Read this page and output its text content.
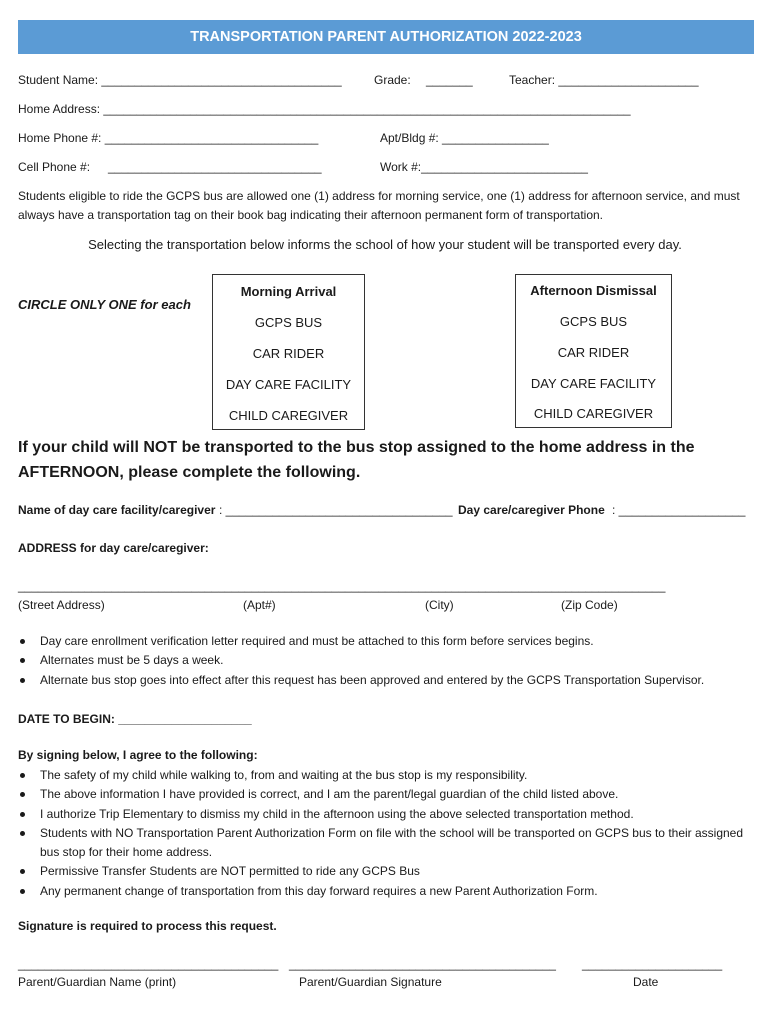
TRANSPORTATION PARENT AUTHORIZATION 2022-2023
Student Name: ____________________________________	Grade: _______	Teacher: _____________________
Home Address: _______________________________________________________________________________
Home Phone #: ________________________________	Apt/Bldg #: ________________
Cell Phone #: ________________________________	Work #:_________________________
Students eligible to ride the GCPS bus are allowed one (1) address for morning service, one (1) address for afternoon service, and must always have a transportation tag on their book bag indicating their afternoon permanent form of transportation.
Selecting the transportation below informs the school of how your student will be transported every day.
CIRCLE ONLY ONE for each
Morning Arrival
GCPS BUS
CAR RIDER
DAY CARE FACILITY
CHILD CAREGIVER
Afternoon Dismissal
GCPS BUS
CAR RIDER
DAY CARE FACILITY
CHILD CAREGIVER
If your child will NOT be transported to the bus stop assigned to the home address in the AFTERNOON, please complete the following.
Name of day care facility/caregiver : __________________________________ Day care/caregiver Phone : ___________________
ADDRESS for day care/caregiver:
_________________________________________________________________________________________________
(Street Address)	(Apt#)	(City)	(Zip Code)
Day care enrollment verification letter required and must be attached to this form before services begins.
Alternates must be 5 days a week.
Alternate bus stop goes into effect after this request has been approved and entered by the GCPS Transportation Supervisor.
DATE TO BEGIN: ____________________
By signing below, I agree to the following:
The safety of my child while walking to, from and waiting at the bus stop is my responsibility.
The above information I have provided is correct, and I am the parent/legal guardian of the child listed above.
I authorize Trip Elementary to dismiss my child in the afternoon using the above selected transportation method.
Students with NO Transportation Parent Authorization Form on file with the school will be transported on GCPS bus to their assigned bus stop for their home address.
Permissive Transfer Students are NOT permitted to ride any GCPS Bus
Any permanent change of transportation from this day forward requires a new Parent Authorization Form.
Signature is required to process this request.
_______________________________________ ________________________________________ _____________________
Parent/Guardian Name (print)	Parent/Guardian Signature	Date
